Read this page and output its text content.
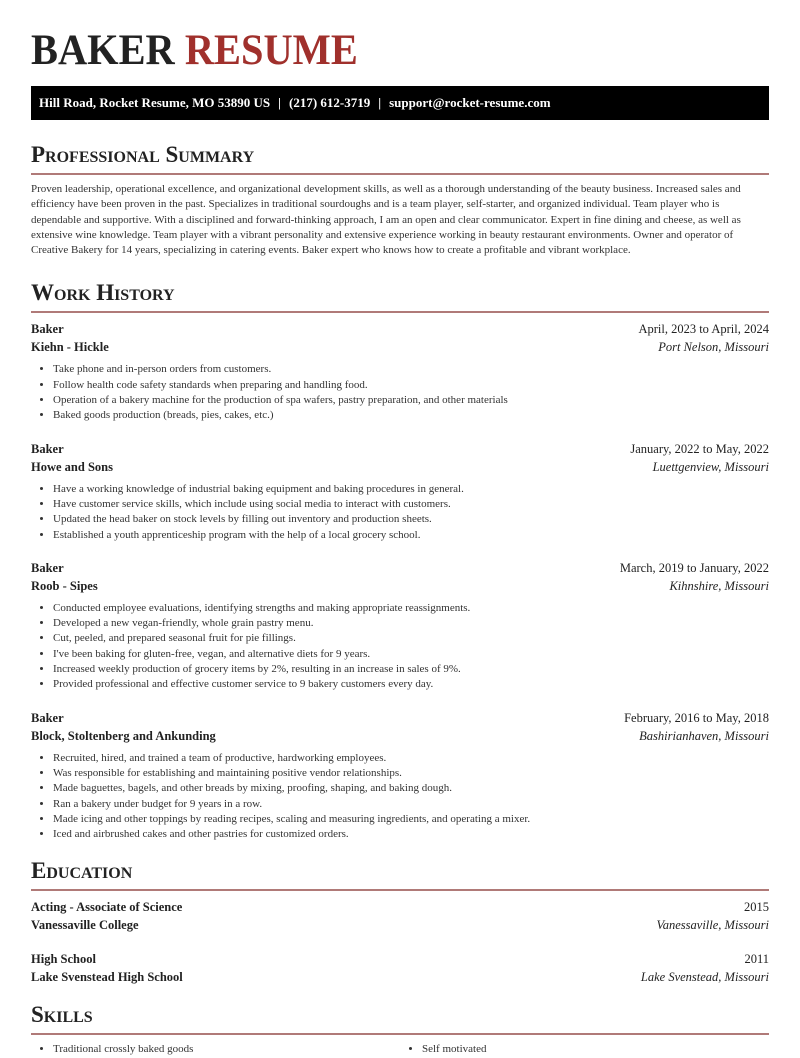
BAKER RESUME
Hill Road, Rocket Resume, MO 53890 US | (217) 612-3719 | support@rocket-resume.com
Professional Summary

Proven leadership, operational excellence, and organizational development skills, as well as a thorough understanding of the beauty business. Increased sales and efficiency have been proven in the past. Specializes in traditional sourdoughs and is a team player, self-starter, and organized individual. Team player who is dependable and supportive. With a disciplined and forward-thinking approach, I am an open and clear communicator. Expert in fine dining and cheese, as well as extensive wine knowledge. Team player with a vibrant personality and extensive experience working in beauty restaurant environments. Owner and operator of Creative Bakery for 14 years, specializing in catering events. Baker expert who knows how to create a profitable and vibrant workplace.

Work History
Baker	April, 2023 to April, 2024
Kiehn - Hickle	Port Nelson, Missouri
• Take phone and in-person orders from customers.
• Follow health code safety standards when preparing and handling food.
• Operation of a bakery machine for the production of spa wafers, pastry preparation, and other materials
• Baked goods production (breads, pies, cakes, etc.)
Baker	January, 2022 to May, 2022
Howe and Sons	Luettgenview, Missouri
• Have a working knowledge of industrial baking equipment and baking procedures in general.
• Have customer service skills, which include using social media to interact with customers.
• Updated the head baker on stock levels by filling out inventory and production sheets.
• Established a youth apprenticeship program with the help of a local grocery school.
Baker	March, 2019 to January, 2022
Roob - Sipes	Kihnshire, Missouri
• Conducted employee evaluations, identifying strengths and making appropriate reassignments.
• Developed a new vegan-friendly, whole grain pastry menu.
• Cut, peeled, and prepared seasonal fruit for pie fillings.
• I've been baking for gluten-free, vegan, and alternative diets for 9 years.
• Increased weekly production of grocery items by 2%, resulting in an increase in sales of 9%.
• Provided professional and effective customer service to 9 bakery customers every day.
Baker	February, 2016 to May, 2018
Block, Stoltenberg and Ankunding	Bashirianhaven, Missouri
• Recruited, hired, and trained a team of productive, hardworking employees.
• Was responsible for establishing and maintaining positive vendor relationships.
• Made baguettes, bagels, and other breads by mixing, proofing, shaping, and baking dough.
• Ran a bakery under budget for 9 years in a row.
• Made icing and other toppings by reading recipes, scaling and measuring ingredients, and operating a mixer.
• Iced and airbrushed cakes and other pastries for customized orders.
Education
Acting - Associate of Science	2015
Vanessaville College	Vanessaville, Missouri
High School	2011
Lake Svenstead High School	Lake Svenstead, Missouri
Skills
• Traditional crossly baked goods	• Self motivated
